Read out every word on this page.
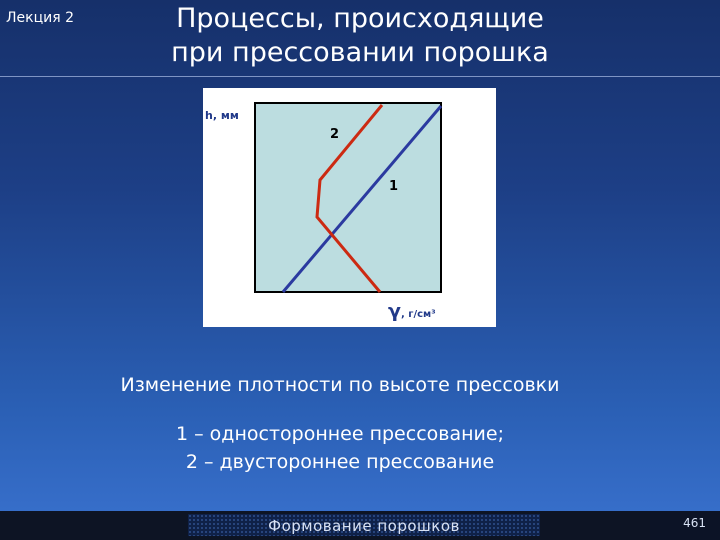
Лекция 2	Процессы, происходящие
при прессовании порошка
h, мм
2
1
γ, г/см³
Изменение плотности по высоте прессовки
1 – одностороннее прессование;
2 – двустороннее прессование
Формование порошков	461
